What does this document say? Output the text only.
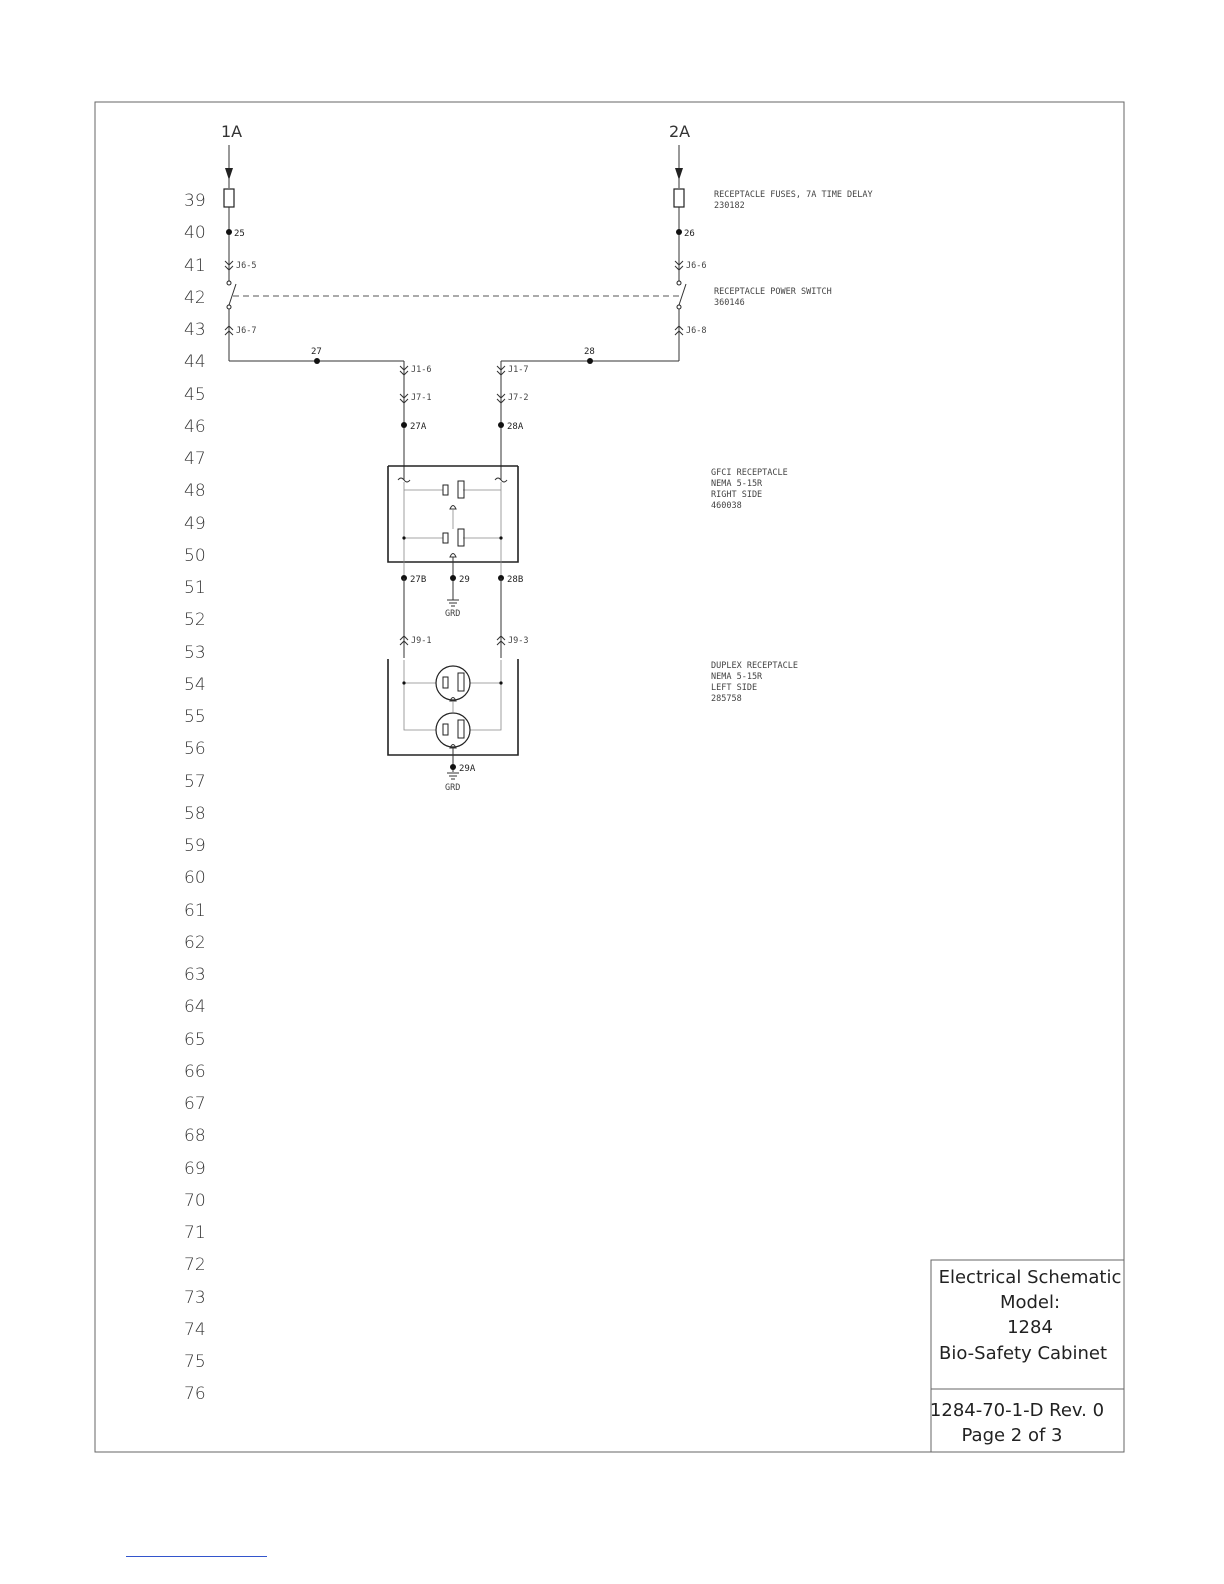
39
40
41
42
43
44
45
46
47
48
49
50
51
52
53
54
55
56
57
58
59
60
61
62
63
64
65
66
67
68
69
70
71
72
73
74
75
76
1A	2A
25
J6-5
J6-7
27
J1-6
J7-1
27A
26
J6-6
J6-8
28
J1-7
J7-2
28A
RECEPTACLE FUSES, 7A TIME DELAY
230182
RECEPTACLE POWER SWITCH
360146
27B	29	28B
GRD
GFCI RECEPTACLE
NEMA 5-15R
RIGHT SIDE
460038
J9-1	J9-3
29A
GRD
DUPLEX RECEPTACLE
NEMA 5-15R
LEFT SIDE
285758
Electrical Schematic
Model:
1284
Bio-Safety Cabinet
1284-70-1-D Rev. 0
Page 2 of 3
